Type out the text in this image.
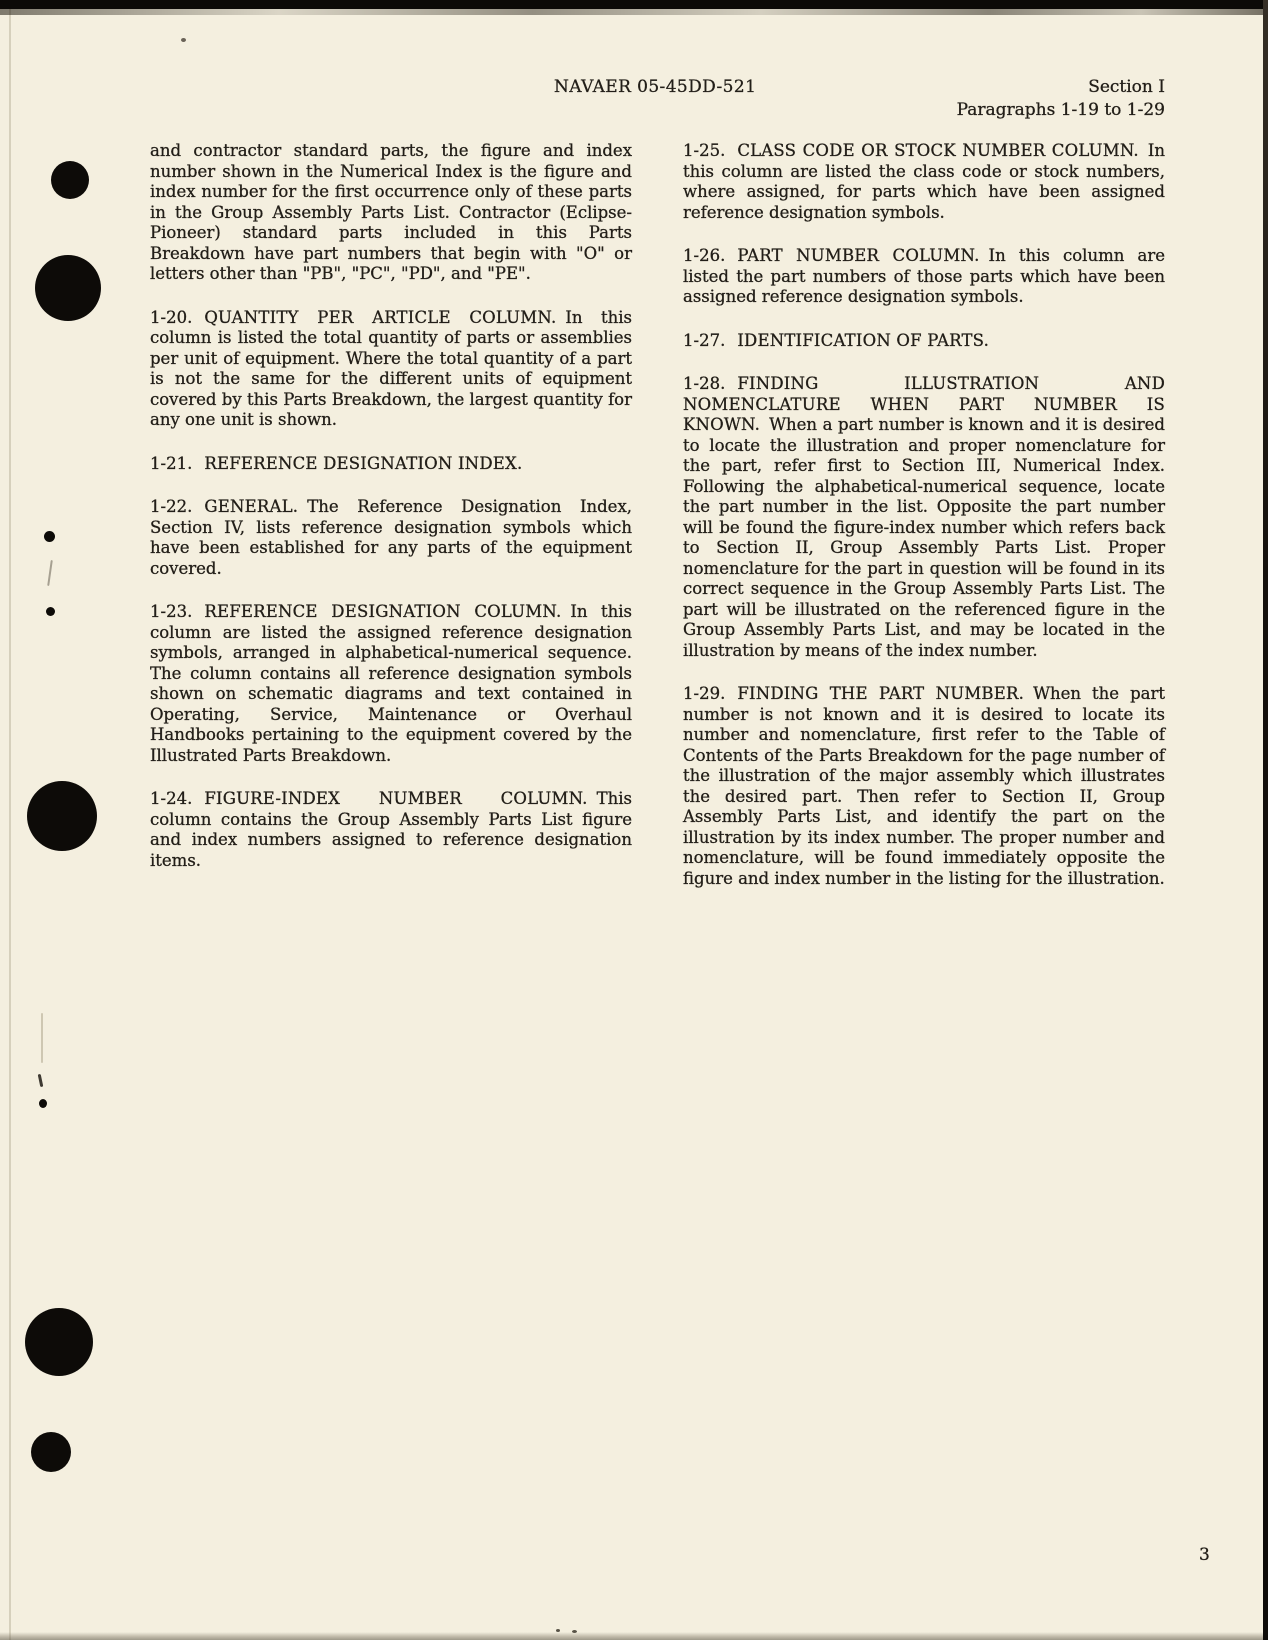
NAVAER 05-45DD-521	Section I
Paragraphs 1-19 to 1-29

and contractor standard parts, the figure and index number shown in the Numerical Index is the figure and index number for the first occurrence only of these parts in the Group Assembly Parts List. Contractor (Eclipse-Pioneer) standard parts included in this Parts Breakdown have part numbers that begin with "O" or letters other than "PB", "PC", "PD", and "PE".

1-20. QUANTITY PER ARTICLE COLUMN. In this column is listed the total quantity of parts or assemblies per unit of equipment. Where the total quantity of a part is not the same for the different units of equipment covered by this Parts Breakdown, the largest quantity for any one unit is shown.

1-21. REFERENCE DESIGNATION INDEX.

1-22. GENERAL. The Reference Designation Index, Section IV, lists reference designation symbols which have been established for any parts of the equipment covered.

1-23. REFERENCE DESIGNATION COLUMN. In this column are listed the assigned reference designation symbols, arranged in alphabetical-numerical sequence. The column contains all reference designation symbols shown on schematic diagrams and text contained in Operating, Service, Maintenance or Overhaul Handbooks pertaining to the equipment covered by the Illustrated Parts Breakdown.

1-24. FIGURE-INDEX NUMBER COLUMN. This column contains the Group Assembly Parts List figure and index numbers assigned to reference designation items.

1-25. CLASS CODE OR STOCK NUMBER COLUMN. In this column are listed the class code or stock numbers, where assigned, for parts which have been assigned reference designation symbols.

1-26. PART NUMBER COLUMN. In this column are listed the part numbers of those parts which have been assigned reference designation symbols.

1-27. IDENTIFICATION OF PARTS.

1-28. FINDING ILLUSTRATION AND NOMENCLATURE WHEN PART NUMBER IS KNOWN. When a part number is known and it is desired to locate the illustration and proper nomenclature for the part, refer first to Section III, Numerical Index. Following the alphabetical-numerical sequence, locate the part number in the list. Opposite the part number will be found the figure-index number which refers back to Section II, Group Assembly Parts List. Proper nomenclature for the part in question will be found in its correct sequence in the Group Assembly Parts List. The part will be illustrated on the referenced figure in the Group Assembly Parts List, and may be located in the illustration by means of the index number.

1-29. FINDING THE PART NUMBER. When the part number is not known and it is desired to locate its number and nomenclature, first refer to the Table of Contents of the Parts Breakdown for the page number of the illustration of the major assembly which illustrates the desired part. Then refer to Section II, Group Assembly Parts List, and identify the part on the illustration by its index number. The proper number and nomenclature, will be found immediately opposite the figure and index number in the listing for the illustration.

3
